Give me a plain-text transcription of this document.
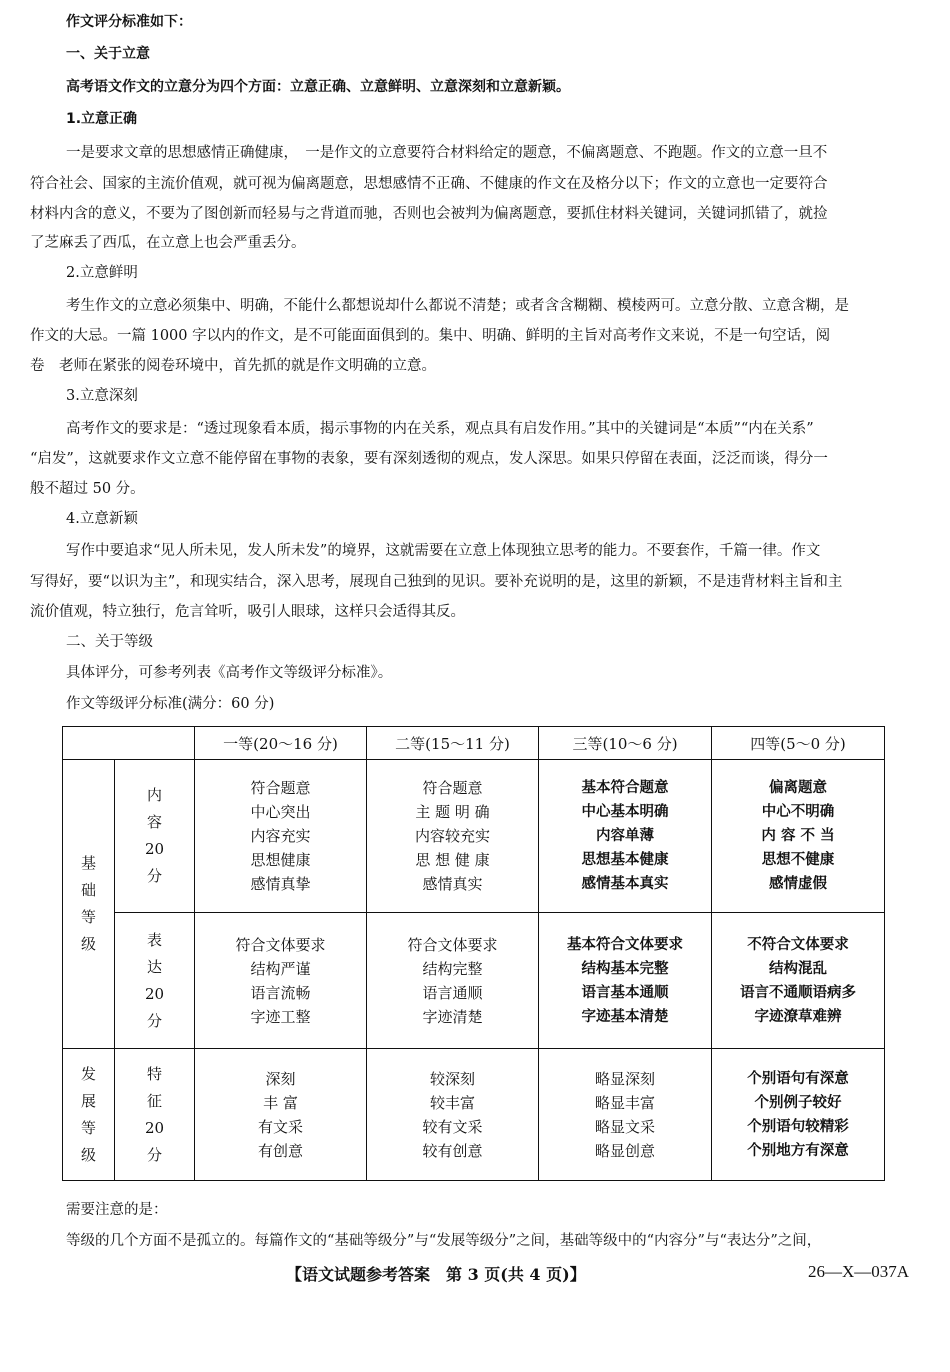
作文评分标准如下：
一、关于立意
高考语文作文的立意分为四个方面：立意正确、立意鲜明、立意深刻和立意新颖。
1.立意正确
一是要求文章的思想感情正确健康，　一是作文的立意要符合材料给定的题意，不偏离题意、不跑题。作文的立意一旦不
符合社会、国家的主流价值观，就可视为偏离题意，思想感情不正确、不健康的作文在及格分以下；作文的立意也一定要符合
材料内含的意义，不要为了图创新而轻易与之背道而驰，否则也会被判为偏离题意，要抓住材料关键词，关键词抓错了，就捡
了芝麻丢了西瓜，在立意上也会严重丢分。
2.立意鲜明
考生作文的立意必须集中、明确，不能什么都想说却什么都说不清楚；或者含含糊糊、模棱两可。立意分散、立意含糊，是
作文的大忌。一篇 1000 字以内的作文，是不可能面面俱到的。集中、明确、鲜明的主旨对高考作文来说，不是一句空话，阅
卷　老师在紧张的阅卷环境中，首先抓的就是作文明确的立意。
3.立意深刻
高考作文的要求是：“透过现象看本质，揭示事物的内在关系，观点具有启发作用。”其中的关键词是“本质”“内在关系”
“启发”，这就要求作文立意不能停留在事物的表象，要有深刻透彻的观点，发人深思。如果只停留在表面，泛泛而谈，得分一
般不超过 50 分。
4.立意新颖
写作中要追求“见人所未见，发人所未发”的境界，这就需要在立意上体现独立思考的能力。不要套作，千篇一律。作文
写得好，要“以识为主”，和现实结合，深入思考，展现自己独到的见识。要补充说明的是，这里的新颖，不是违背材料主旨和主
流价值观，特立独行，危言耸听，吸引人眼球，这样只会适得其反。
二、关于等级
具体评分，可参考列表《高考作文等级评分标准》。
作文等级评分标准(满分：60 分)
		一等(20～16 分)	二等(15～11 分)	三等(10～6 分)	四等(5～0 分)

基
础
等
级	内
容
20
分	符合题意
中心突出
内容充实
思想健康
感情真挚	符合题意
主 题 明 确
内容较充实
思 想 健 康
感情真实	基本符合题意
中心基本明确
内容单薄
思想基本健康
感情基本真实	偏离题意
中心不明确
内 容 不 当
思想不健康
感情虚假

	表
达
20
分	符合文体要求
结构严谨
语言流畅
字迹工整	符合文体要求
结构完整
语言通顺
字迹清楚	基本符合文体要求
结构基本完整
语言基本通顺
字迹基本清楚	不符合文体要求
结构混乱
语言不通顺语病多
字迹潦草难辨

发
展
等
级	特
征
20
分	深刻
丰 富
有文采
有创意	较深刻
较丰富
较有文采
较有创意	略显深刻
略显丰富
略显文采
略显创意	个别语句有深意
个别例子较好
个别语句较精彩
个别地方有深意
需要注意的是：
等级的几个方面不是孤立的。每篇作文的“基础等级分”与“发展等级分”之间，基础等级中的“内容分”与“表达分”之间，
【语文试题参考答案　第 3 页(共 4 页)】	26—X—037A
